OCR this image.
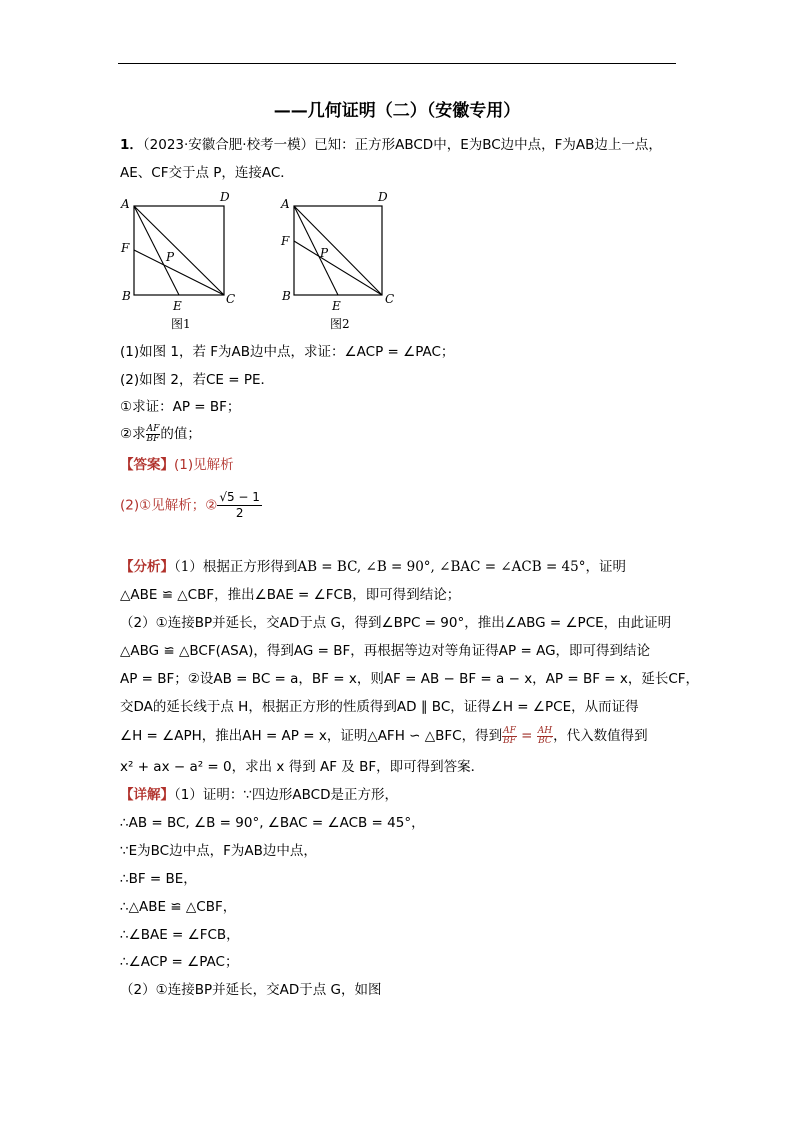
——几何证明（二）（安徽专用）
1．（2023·安徽合肥·校考一模）已知：正方形ABCD中，E为BC边中点，F为AB边上一点，
AE、CF交于点 P，连接AC．
A	D
F
P
B
E	C
图1
A	D
F
P
B
E	C
图2
(1)如图 1，若 F为AB边中点，求证：∠ACP = ∠PAC；
(2)如图 2，若CE = PE．
①求证：AP = BF；
②求 $\frac{AF}{BF}$ 的值；
【答案】(1)见解析
(2)①见解析；② $\frac{√5 - 1}{2}$
【分析】（1）根据正方形得到AB = BC, ∠B = 90°, ∠BAC = ∠ACB = 45°，证明
△ABE ≌ △CBF，推出∠BAE = ∠FCB，即可得到结论；
（2）①连接BP并延长，交AD于点 G，得到∠BPC = 90°，推出∠ABG = ∠PCE，由此证明
△ABG ≌ △BCF(ASA)，得到AG = BF，再根据等边对等角证得AP = AG，即可得到结论
AP = BF；②设AB = BC = a，BF = x，则AF = AB − BF = a − x，AP = BF = x，延长CF，
交DA的延长线于点 H，根据正方形的性质得到AD ∥ BC，证得∠H = ∠PCE，从而证得
∠H = ∠APH，推出AH = AP = x，证明△AFH ∽ △BFC，得到 $\frac{AF}{BF} = \frac{AH}{BC}$ ，代入数值得到
x² + ax − a² = 0，求出 x 得到 AF 及 BF，即可得到答案．
【详解】（1）证明：∵四边形ABCD是正方形，
∴AB = BC, ∠B = 90°, ∠BAC = ∠ACB = 45°，
∵E为BC边中点，F为AB边中点，
∴BF = BE，
∴△ABE ≌ △CBF，
∴∠BAE = ∠FCB，
∴∠ACP = ∠PAC；
（2）①连接BP并延长，交AD于点 G，如图
